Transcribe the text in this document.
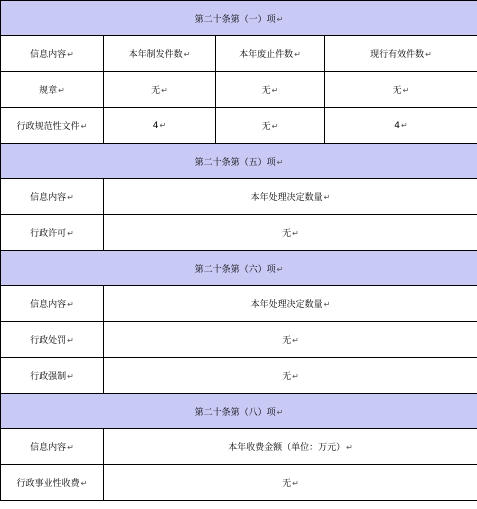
第二十条第（一）项↵			
信息内容↵	本年制发件数↵	本年废止件数↵	现行有效件数↵
规章↵	无↵	无↵	无↵
行政规范性文件↵	4↵	无↵	4↵
第二十条第（五）项↵			
信息内容↵	本年处理决定数量↵		
行政许可↵	无↵		
第二十条第（六）项↵			
信息内容↵	本年处理决定数量↵		
行政处罚↵	无↵		
行政强制↵	无↵		
第二十条第（八）项↵			
信息内容↵	本年收费金额（单位：万元）↵		
行政事业性收费↵	无↵		
